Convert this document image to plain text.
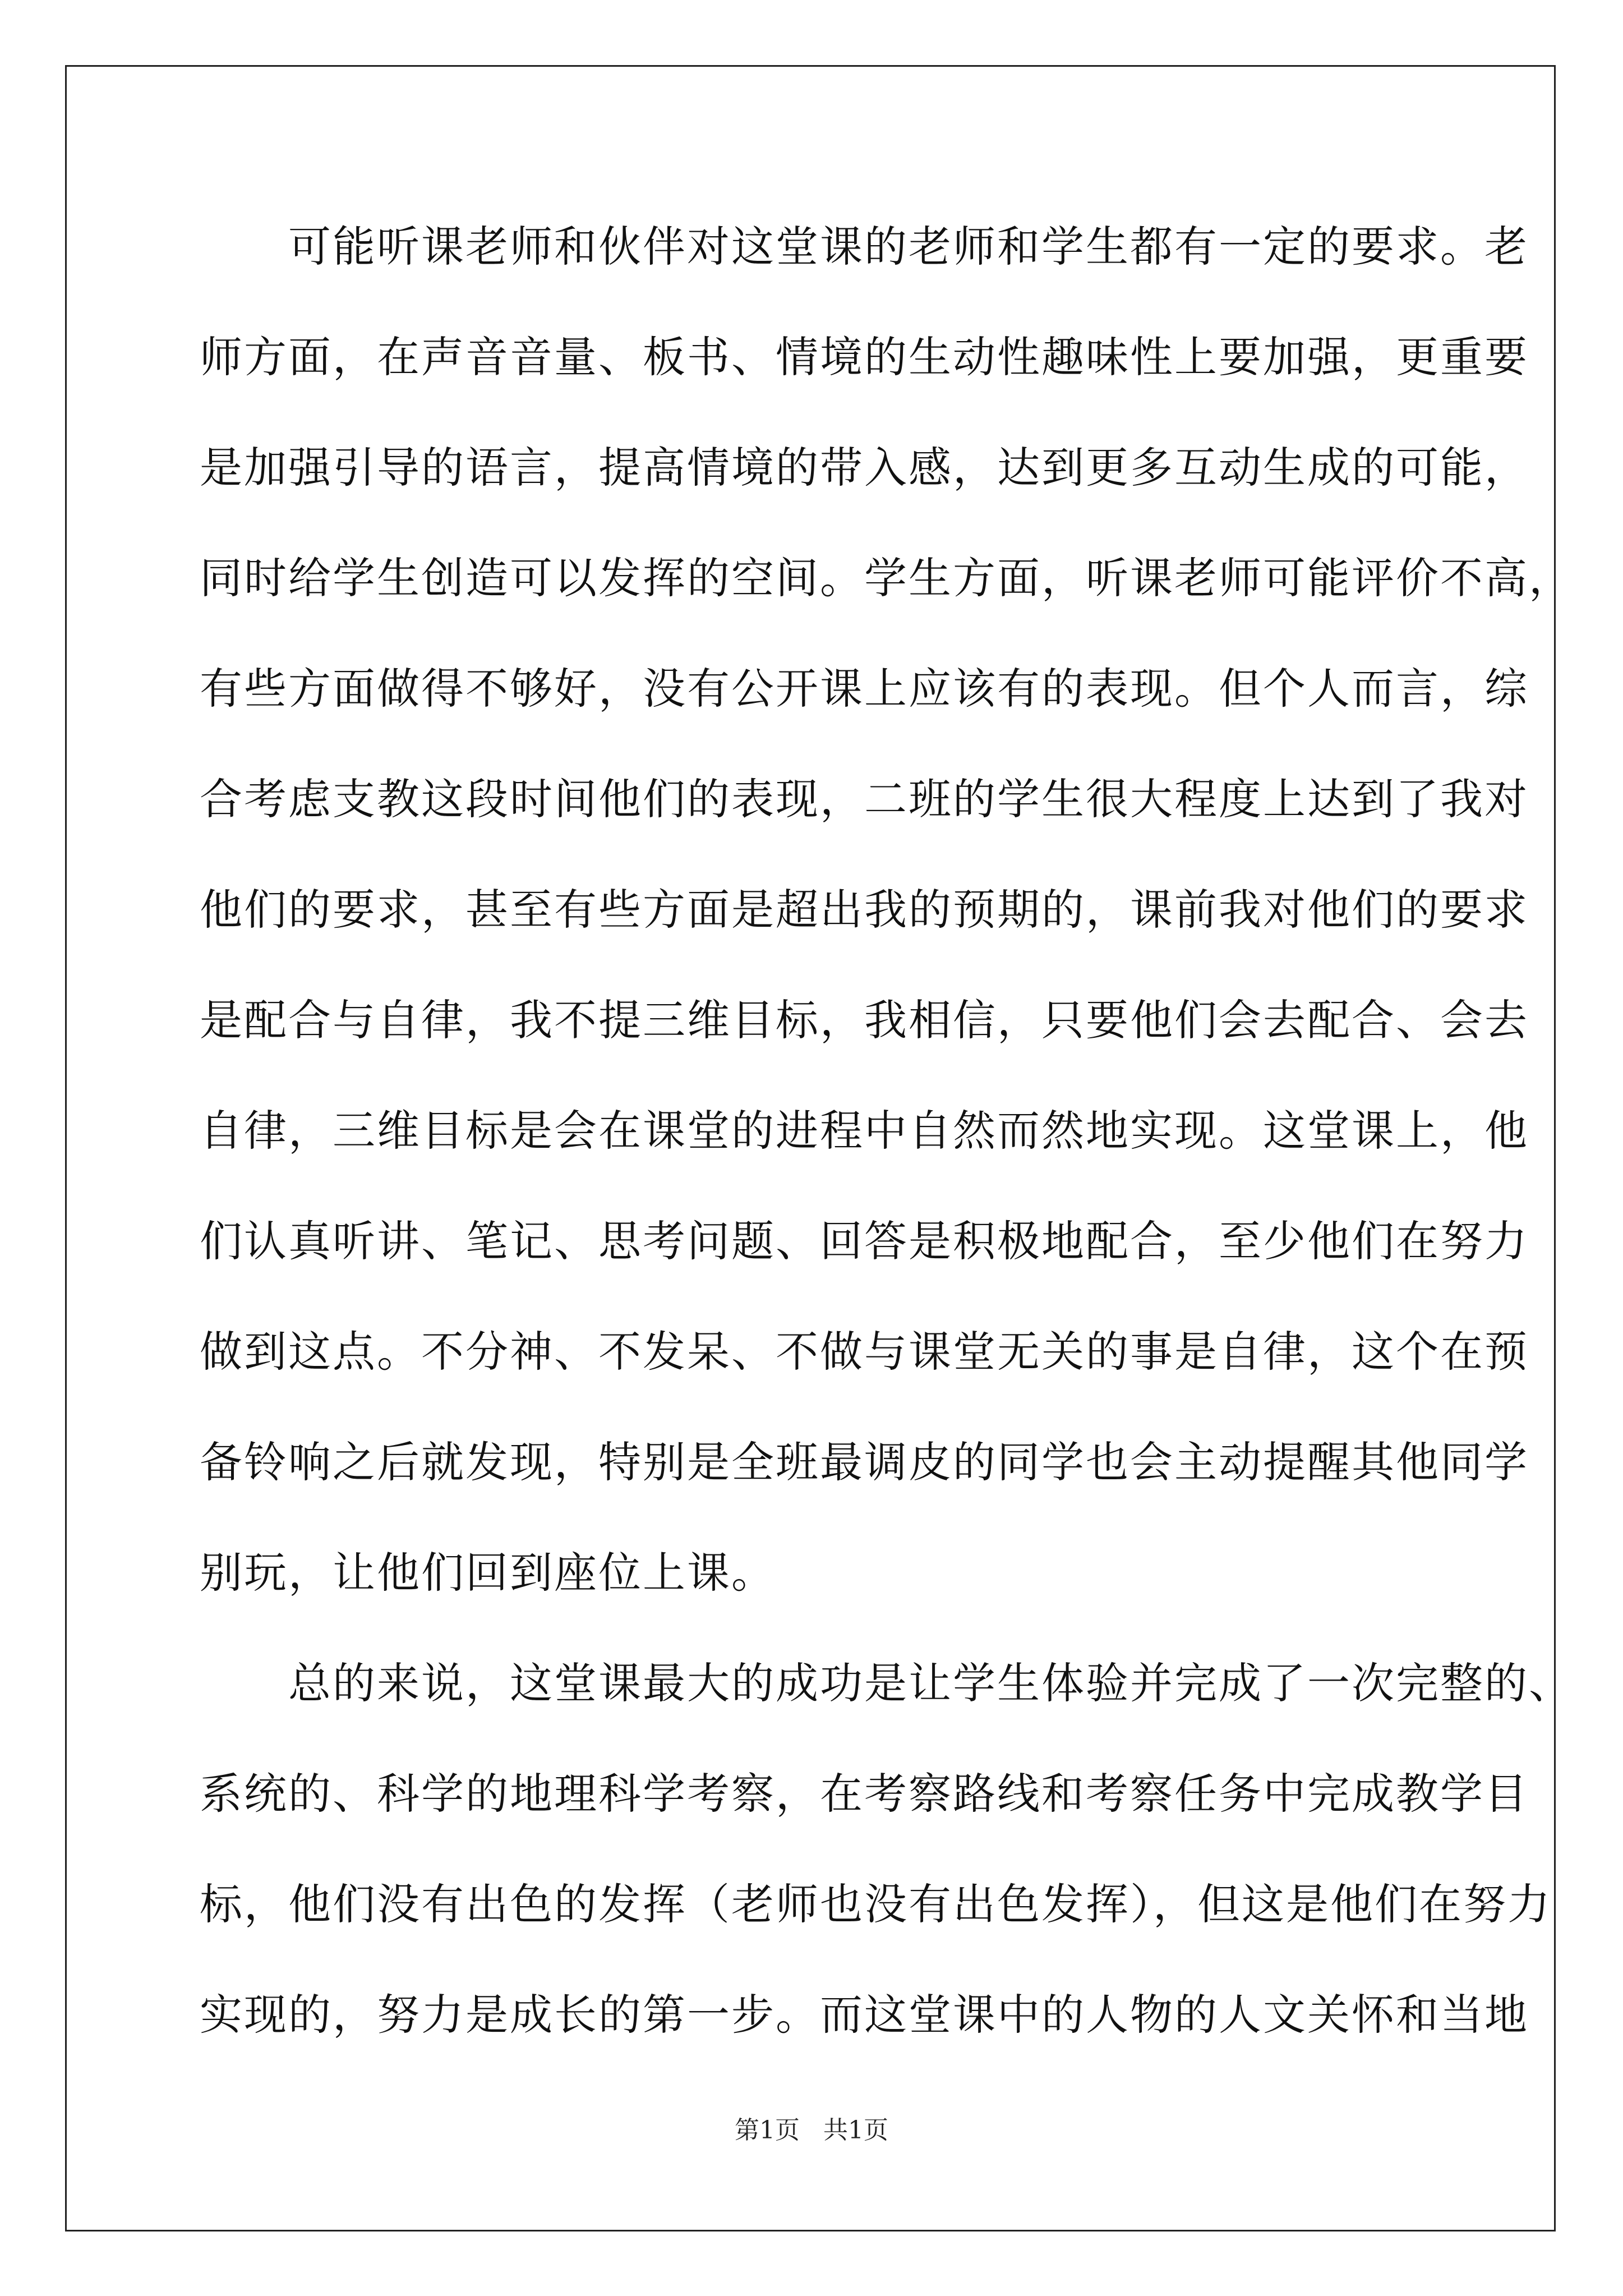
　　可能听课老师和伙伴对这堂课的老师和学生都有一定的要求。老
师方面，在声音音量、板书、情境的生动性趣味性上要加强，更重要
是加强引导的语言，提高情境的带入感，达到更多互动生成的可能，
同时给学生创造可以发挥的空间。学生方面，听课老师可能评价不高，
有些方面做得不够好，没有公开课上应该有的表现。但个人而言，综
合考虑支教这段时间他们的表现，二班的学生很大程度上达到了我对
他们的要求，甚至有些方面是超出我的预期的，课前我对他们的要求
是配合与自律，我不提三维目标，我相信，只要他们会去配合、会去
自律，三维目标是会在课堂的进程中自然而然地实现。这堂课上，他
们认真听讲、笔记、思考问题、回答是积极地配合，至少他们在努力
做到这点。不分神、不发呆、不做与课堂无关的事是自律，这个在预
备铃响之后就发现，特别是全班最调皮的同学也会主动提醒其他同学
别玩，让他们回到座位上课。
　　总的来说，这堂课最大的成功是让学生体验并完成了一次完整的、
系统的、科学的地理科学考察，在考察路线和考察任务中完成教学目
标，他们没有出色的发挥（老师也没有出色发挥），但这是他们在努力
实现的，努力是成长的第一步。而这堂课中的人物的人文关怀和当地
第1页 共1页
